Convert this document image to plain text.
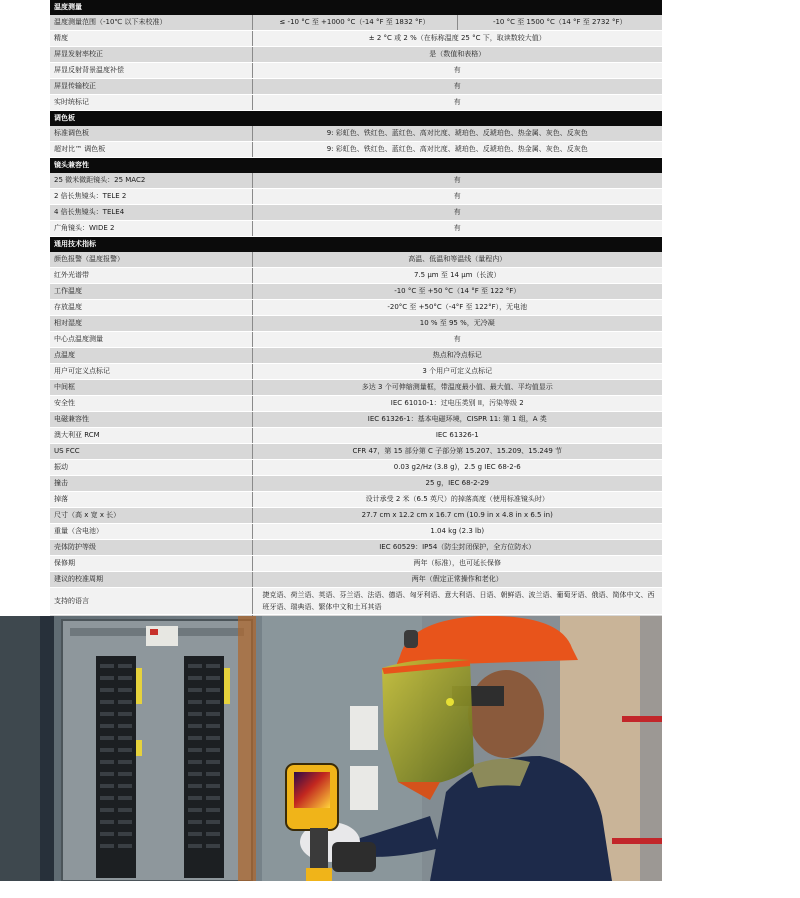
温度测量		
温度测量范围（-10℃ 以下未校准）	≤ -10 °C 至 +1000 °C（-14 °F 至 1832 °F）	-10 °C 至 1500 °C（14 °F 至 2732 °F）
精度	± 2 °C 或 2 %（在标称温度 25 °C 下，取读数较大值）	
屏显发射率校正	是（数值和表格）	
屏显反射背景温度补偿	有	
屏显传输校正	有	
实时统标记	有	
调色板		
标准调色板	9: 彩虹色、铁红色、蓝红色、高对比度、琥珀色、反琥珀色、热金属、灰色、反灰色	
超对比™ 调色板	9: 彩虹色、铁红色、蓝红色、高对比度、琥珀色、反琥珀色、热金属、灰色、反灰色	
镜头兼容性		
25 微米微距镜头：25 MAC2	有	
2 倍长焦镜头：TELE 2	有	
4 倍长焦镜头：TELE4	有	
广角镜头：WIDE 2	有	
通用技术指标		
颜色报警（温度报警）	高温、低温和等温线（量程内）	
红外光谱带	7.5 μm 至 14 μm（长波）	
工作温度	-10 °C 至 +50 °C（14 °F 至 122 °F）	
存放温度	-20°C 至 +50°C（-4°F 至 122°F），无电池	
相对湿度	10 % 至 95 %，无冷凝	
中心点温度测量	有	
点温度	热点和冷点标记	
用户可定义点标记	3 个用户可定义点标记	
中间框	多达 3 个可伸缩测量框，带温度最小值、最大值、平均值显示	
安全性	IEC 61010-1：过电压类别 II，污染等级 2	
电磁兼容性	IEC 61326-1：基本电磁环境，CISPR 11: 第 1 组，A 类	
澳大利亚 RCM	IEC 61326-1	
US FCC	CFR 47，第 15 部分第 C 子部分第 15.207、15.209、15.249 节	
振动	0.03 g2/Hz (3.8 g)，2.5 g IEC 68-2-6	
撞击	25 g，IEC 68-2-29	
掉落	设计承受 2 米（6.5 英尺）的掉落高度（使用标准镜头时）	
尺寸（高 x 宽 x 长）	27.7 cm x 12.2 cm x 16.7 cm (10.9 in x 4.8 in x 6.5 in)	
重量（含电池）	1.04 kg (2.3 lb)	
壳体防护等级	IEC 60529：IP54（防尘封闭保护，全方位防水）	
保修期	两年（标准），也可延长保修	
建议的校准周期	两年（假定正常操作和老化）	
支持的语言	捷克语、荷兰语、英语、芬兰语、法语、德语、匈牙利语、意大利语、日语、朝鲜语、波兰语、葡萄牙语、俄语、简体中文、西班牙语、瑞典语、繁体中文和土耳其语	
